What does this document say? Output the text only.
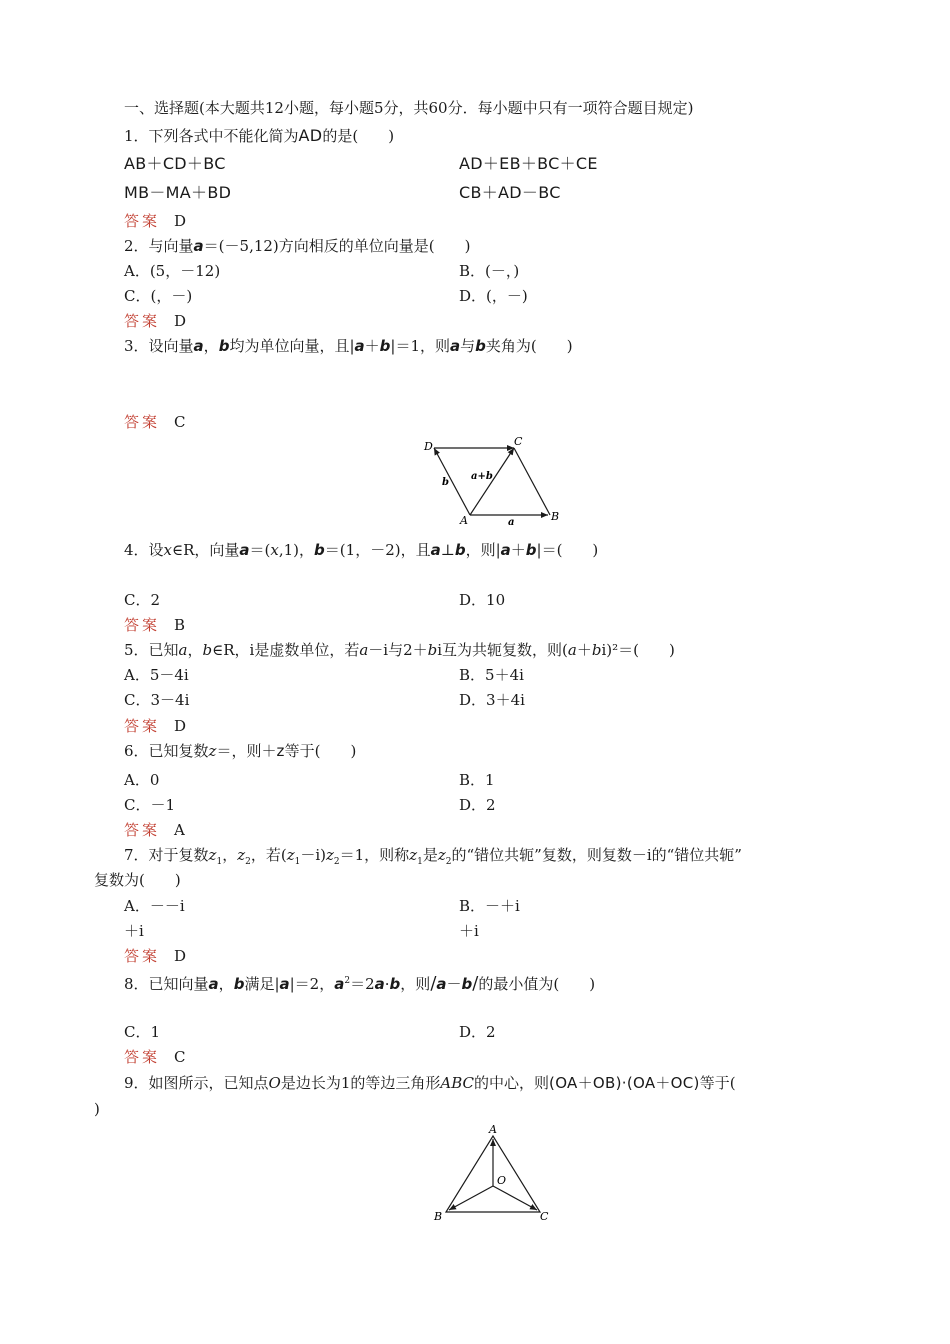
一、选择题(本大题共12小题，每小题5分，共60分．每小题中只有一项符合题目规定)
1．下列各式中不能化简为AD的是(　　)
AB＋CD＋BC	AD＋EB＋BC＋CE
MB－MA＋BD	CB＋AD－BC
答案 D
2．与向量a＝(－5,12)方向相反的单位向量是(　　)
A．(5，－12)	B．(－，)
C．(，－)	D．(，－)
答案 D
3．设向量a，b均为单位向量，且|a＋b|＝1，则a与b夹角为(　　)
答案 C
D	C
A	B
a
b
a+b
4．设x∈R，向量a＝(x,1)，b＝(1，－2)，且a⊥b，则|a＋b|＝(　　)
C．2	D．10
答案 B
5．已知a，b∈R，i是虚数单位，若a－i与2＋bi互为共轭复数，则(a＋bi)²＝(　　)
A．5－4i	B．5＋4i
C．3－4i	D．3＋4i
答案 D
6．已知复数z＝，则＋z等于(　　)
A．0	B．1
C．－1	D．2
答案 A
7．对于复数$z_1$，$z_2$，若$(z_1-i)z_2=1$，则称$z_1$是$z_2$的“错位共轭”复数，则复数－i的“错位共轭”
复数为(　　)
A．－－i	B．－＋i
＋i	＋i
答案 D
8．已知向量a，b满足|a|＝2，$a^2=2a\cdot b$，则/a－b/的最小值为(　　)
C．1	D．2
答案 C
9．如图所示，已知点O是边长为1的等边三角形ABC的中心，则(OA＋OB)·(OA＋OC)等于(
)
A
B	C
O
